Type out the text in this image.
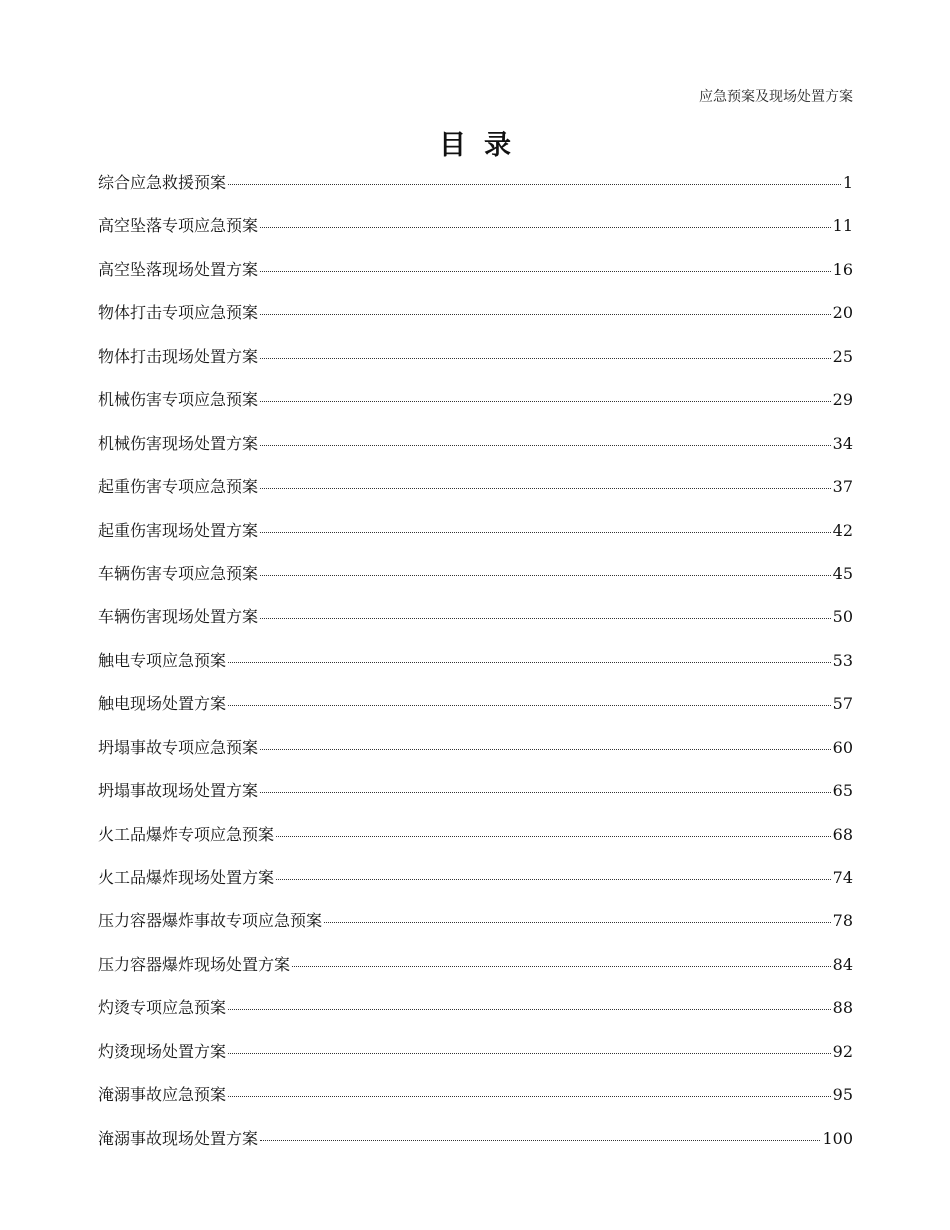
应急预案及现场处置方案
目录
综合应急救援预案	1
高空坠落专项应急预案	11
高空坠落现场处置方案	16
物体打击专项应急预案	20
物体打击现场处置方案	25
机械伤害专项应急预案	29
机械伤害现场处置方案	34
起重伤害专项应急预案	37
起重伤害现场处置方案	42
车辆伤害专项应急预案	45
车辆伤害现场处置方案	50
触电专项应急预案	53
触电现场处置方案	57
坍塌事故专项应急预案	60
坍塌事故现场处置方案	65
火工品爆炸专项应急预案	68
火工品爆炸现场处置方案	74
压力容器爆炸事故专项应急预案	78
压力容器爆炸现场处置方案	84
灼烫专项应急预案	88
灼烫现场处置方案	92
淹溺事故应急预案	95
淹溺事故现场处置方案	100
